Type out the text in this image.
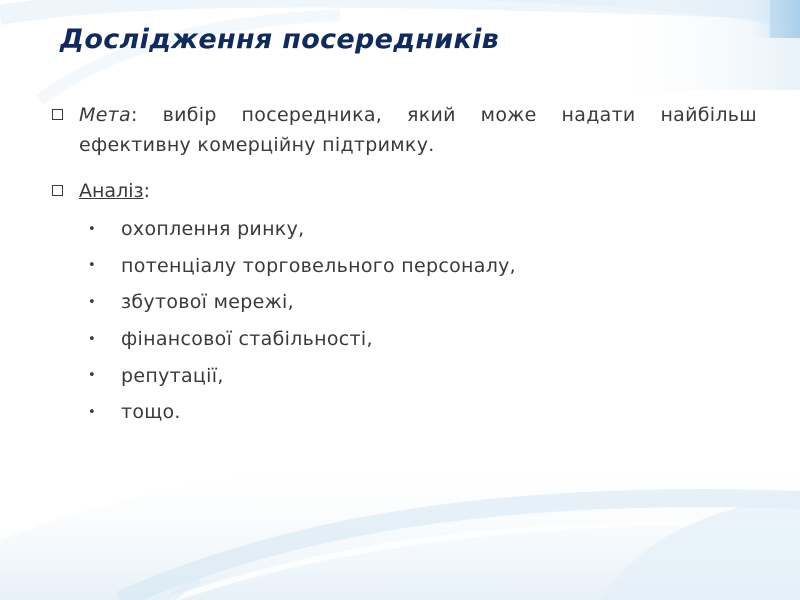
Дослідження посередників
Мета: вибір посередника, який може надати найбільш ефективну комерційну підтримку.
Аналіз:
•	охоплення ринку,
•	потенціалу торговельного персоналу,
•	збутової мережі,
•	фінансової стабільності,
•	репутації,
•	тощо.
